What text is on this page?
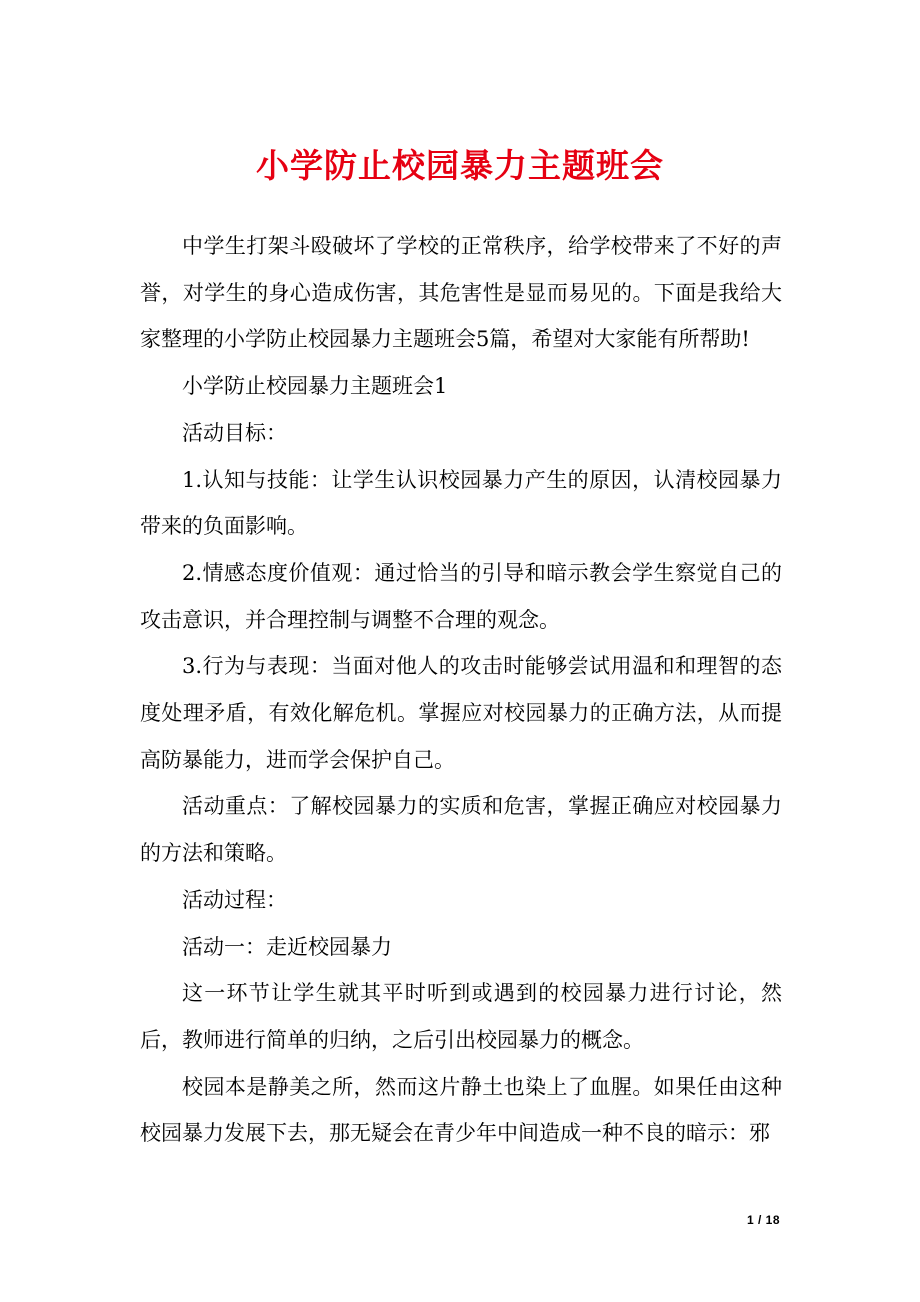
小学防止校园暴力主题班会

中学生打架斗殴破坏了学校的正常秩序，给学校带来了不好的声誉，对学生的身心造成伤害，其危害性是显而易见的。下面是我给大家整理的小学防止校园暴力主题班会5篇，希望对大家能有所帮助!

小学防止校园暴力主题班会1

活动目标：

1.认知与技能：让学生认识校园暴力产生的原因，认清校园暴力带来的负面影响。

2.情感态度价值观：通过恰当的引导和暗示教会学生察觉自己的攻击意识，并合理控制与调整不合理的观念。

3.行为与表现：当面对他人的攻击时能够尝试用温和和理智的态度处理矛盾，有效化解危机。掌握应对校园暴力的正确方法，从而提高防暴能力，进而学会保护自己。

活动重点：了解校园暴力的实质和危害，掌握正确应对校园暴力的方法和策略。

活动过程：

活动一：走近校园暴力

这一环节让学生就其平时听到或遇到的校园暴力进行讨论，然后，教师进行简单的归纳，之后引出校园暴力的概念。

校园本是静美之所，然而这片静土也染上了血腥。如果任由这种校园暴力发展下去，那无疑会在青少年中间造成一种不良的暗示：邪

1 / 18
